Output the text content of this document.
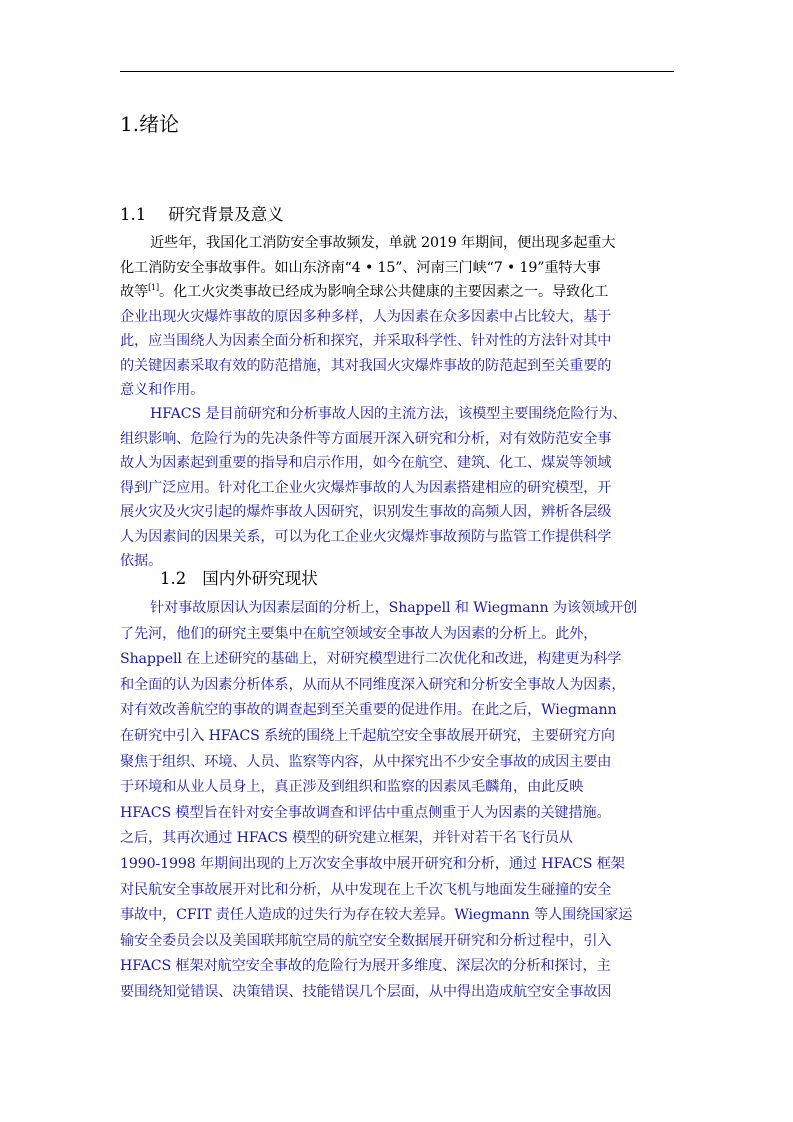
1.绪论
1.1 研究背景及意义
近些年，我国化工消防安全事故频发，单就 2019 年期间，便出现多起重大
化工消防安全事故事件。如山东济南“4 • 15”、河南三门峡“7 • 19”重特大事
故等[1]。化工火灾类事故已经成为影响全球公共健康的主要因素之一。导致化工
企业出现火灾爆炸事故的原因多种多样，人为因素在众多因素中占比较大，基于
此，应当围绕人为因素全面分析和探究，并采取科学性、针对性的方法针对其中
的关键因素采取有效的防范措施，其对我国火灾爆炸事故的防范起到至关重要的
意义和作用。
HFACS 是目前研究和分析事故人因的主流方法，该模型主要围绕危险行为、
组织影响、危险行为的先决条件等方面展开深入研究和分析，对有效防范安全事
故人为因素起到重要的指导和启示作用，如今在航空、建筑、化工、煤炭等领域
得到广泛应用。针对化工企业火灾爆炸事故的人为因素搭建相应的研究模型，开
展火灾及火灾引起的爆炸事故人因研究，识别发生事故的高频人因，辨析各层级
人为因素间的因果关系，可以为化工企业火灾爆炸事故预防与监管工作提供科学
依据。
1.2 国内外研究现状
针对事故原因认为因素层面的分析上，Shappell 和 Wiegmann 为该领域开创
了先河，他们的研究主要集中在航空领域安全事故人为因素的分析上。此外，
Shappell 在上述研究的基础上，对研究模型进行二次优化和改进，构建更为科学
和全面的认为因素分析体系，从而从不同维度深入研究和分析安全事故人为因素，
对有效改善航空的事故的调查起到至关重要的促进作用。在此之后，Wiegmann
在研究中引入 HFACS 系统的围绕上千起航空安全事故展开研究，主要研究方向
聚焦于组织、环境、人员、监察等内容，从中探究出不少安全事故的成因主要由
于环境和从业人员身上，真正涉及到组织和监察的因素凤毛麟角，由此反映
HFACS 模型旨在针对安全事故调查和评估中重点侧重于人为因素的关键措施。
之后，其再次通过 HFACS 模型的研究建立框架，并针对若干名飞行员从
1990-1998 年期间出现的上万次安全事故中展开研究和分析，通过 HFACS 框架
对民航安全事故展开对比和分析，从中发现在上千次飞机与地面发生碰撞的安全
事故中，CFIT 责任人造成的过失行为存在较大差异。Wiegmann 等人围绕国家运
输安全委员会以及美国联邦航空局的航空安全数据展开研究和分析过程中，引入
HFACS 框架对航空安全事故的危险行为展开多维度、深层次的分析和探讨，主
要围绕知觉错误、决策错误、技能错误几个层面，从中得出造成航空安全事故因
